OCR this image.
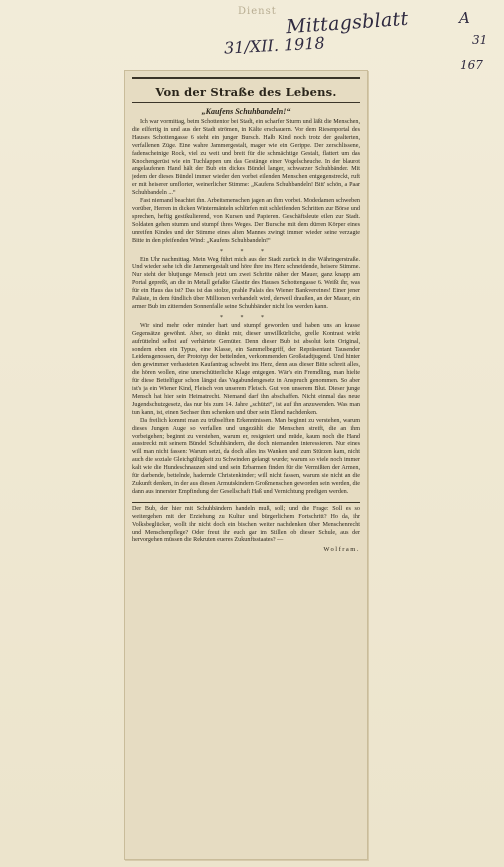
Dienst Mittagsblatt
31/XII. 1918
A
31
167
Von der Straße des Lebens.
„Kaufens Schuhbandeln!“

Ich war vormittag, beim Schottentor bei Stadt, ein scharfer Sturm und läßt die Menschen, die eilfertig in und aus der Stadt strömen, in Kälte erschauern. Vor dem Riesenportal des Hauses Schottengasse 6 steht ein junger Bursch. Halb Kind noch trotz der gealterten, verfallenen Züge. Eine wahre Jammergestalt, mager wie ein Gerippe. Der zerschlissene, fadenscheinige Rock, viel zu weit und breit für die schmächtige Gestalt, flattert um das Knochengerüst wie ein Tuchlappen um das Gestänge einer Vogelscheuche. In der blaurot angelaufenen Hand hält der Bub ein dickes Bündel langer, schwarzer Schuhbänder. Mit jedem der dieses Bündel immer wieder den vorbei eilenden Menschen entgegenstreckt, ruft er mit heiserer umflorter, weinerlicher Stimme: „Kaufens Schuhbandeln! Bitt' schön, a Paar Schuhbandeln ...“

Fast niemand beachtet ihn. Arbeitsmenschen jagen an ihm vorbei. Modedamen schweben vorüber, Herren in dicken Wintermänteln schlürfen mit schleifenden Schritten zur Börse und sprechen, heftig gestikulierend, von Kursen und Papieren. Geschäftsleute eilen zur Stadt. Soldaten gehen stumm und stumpf ihres Weges. Der Bursche mit dem dürren Körper eines unreifen Kindes und der Stimme eines alten Mannes zwingt immer wieder seine verzagte Bitte in den pfeifenden Wind: „Kaufens Schuhbandeln!“

* * *

Ein Uhr nachmittag. Mein Weg führt mich aus der Stadt zurück in die Währingerstraße. Und wieder sehe ich die Jammergestalt und höre ihre ins Herz schneidende, heisere Stimme. Nur steht der blutjunge Mensch jetzt um zwei Schritte näher der Mauer, ganz knapp am Portal gepreßt, an die in Metall gefaßte Glastür des Hauses Schottengasse 6. Weißt ihr, was für ein Haus das ist? Das ist das stolze, prahle Palais des Wiener Bankvereines! Einer jener Paläste, in dem fündlich über Millionen verhandelt wird, derweil draußen, an der Mauer, ein armer Bub im zitternden Sonnenfalle seine Schuhbänder nicht los werden kann.

* * *

Wir sind mehr oder minder hart und stumpf geworden und haben uns an krasse Gegensätze gewöhnt. Aber, so dünkt mir, dieser unwillkürliche, grelle Kontrast wirkt aufrüttelnd selbst auf verhärtete Gemüter. Denn dieser Bub ist absolut kein Original, sondern eben ein Typus, eine Klasse, ein Sammelbegriff, der Repräsentant Tausender Leidensgenossen, der Prototyp der bettelnden, verkommenden Großstadtjugend. Und hinter den gewimmer verhasteten Kaufantrag schwebt ins Herz, denn aus dieser Bitte schreit alles, die hören wollen, eine unerschütterliche Klage entgegen. Wär's ein Fremdling, man hielte für diese Bettelfigur schon längst das Vagabundengesetz in Anspruch genommen. So aber ist's ja ein Wiener Kind, Fleisch von unserem Fleisch. Gut von unserem Blut. Dieser junge Mensch hat hier sein Heimatrecht. Niemand darf ihn abschaffen. Nicht einmal das neue Jugendschutzgesetz, das nur bis zum 14. Jahre „schützt“, ist auf ihn anzuwenden. Was man tun kann, ist, einen Sechser ihm schenken und über sein Elend nachdenken.

Da freilich kommt man zu trübselften Erkenntnissen. Man beginnt zu verstehen, warum dieses Jungen Auge so verfallen und ungezählt die Menschen streift, die an ihm vorbeigehen; beginnt zu verstehen, warum er, resigniert und müde, kaum noch die Hand ausstreckt mit seinem Bündel Schuhbändern, die doch niemanden interessieren. Nur eines will man nicht fassen: Warum setzt, da doch alles ins Wanken und zum Stürzen kam, nicht auch die soziale Gleichgültigkeit zu Schwinden gelangt wurde; warum so viele noch immer kalt wie die Hundeschnauzen sind und sein Erbarmen finden für die Vermißten der Armen, für darbende, bettelnde, hadernde Christenkinder; will nicht fassen, warum sie nicht an die Zukunft denken, in der aus diesen Armutskindern Großmenschen geworden sein werden, die dann aus innerster Empfindung der Gesellschaft Haß und Vernichtung predigen werden.

Der Bub, der hier mit Schuhbändern handeln muß, soll; und die Frage: Soll es so weitergehen mit der Erziehung zu Kultur und bürgerlichem Fortschritt? Ho da, ihr Volksbeglücker, wollt ihr nicht doch ein bischen weiter nachdenken über Menschenrecht und Menschenpflege? Oder freut ihr euch gar im Stillen ob dieser Schule, aus der hervorgehen müssen die Rekruten eueres Zukunftsstaates? —

Wolfram.
